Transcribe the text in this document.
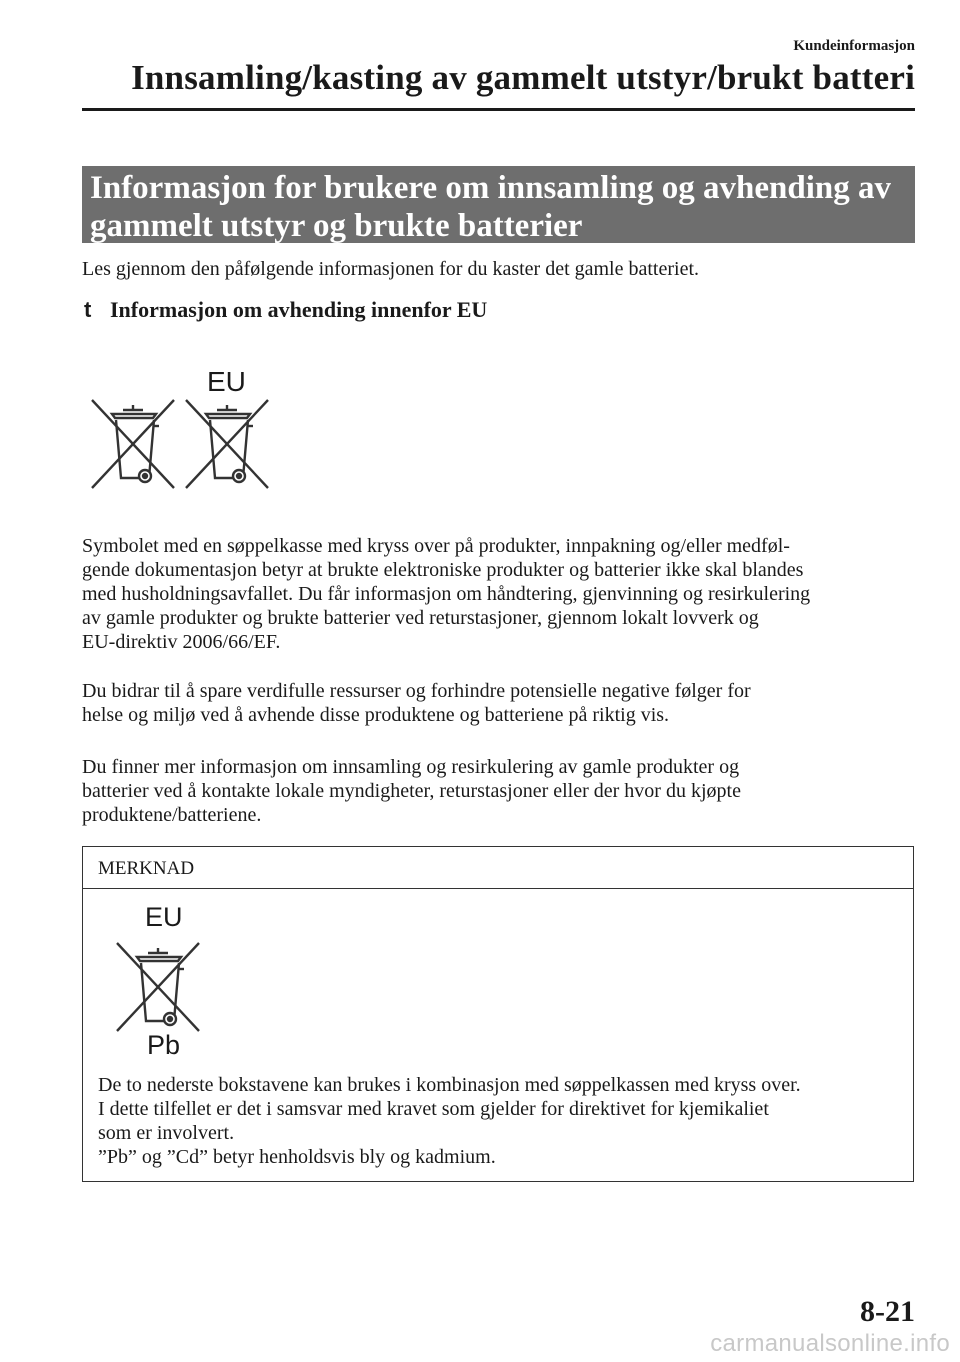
Kundeinformasjon
Innsamling/kasting av gammelt utstyr/brukt batteri
Informasjon for brukere om innsamling og avhending av
gammelt utstyr og brukte batterier
Les gjennom den påfølgende informasjonen for du kaster det gamle batteriet.
t Informasjon om avhending innenfor EU
EU
Symbolet med en søppelkasse med kryss over på produkter, innpakning og/eller medføl-
gende dokumentasjon betyr at brukte elektroniske produkter og batterier ikke skal blandes
med husholdningsavfallet. Du får informasjon om håndtering, gjenvinning og resirkulering
av gamle produkter og brukte batterier ved returstasjoner, gjennom lokalt lovverk og
EU-direktiv 2006/66/EF.
Du bidrar til å spare verdifulle ressurser og forhindre potensielle negative følger for
helse og miljø ved å avhende disse produktene og batteriene på riktig vis.
Du finner mer informasjon om innsamling og resirkulering av gamle produkter og
batterier ved å kontakte lokale myndigheter, returstasjoner eller der hvor du kjøpte
produktene/batteriene.
MERKNAD
EU
Pb
De to nederste bokstavene kan brukes i kombinasjon med søppelkassen med kryss over.
I dette tilfellet er det i samsvar med kravet som gjelder for direktivet for kjemikaliet
som er involvert.
”Pb” og ”Cd” betyr henholdsvis bly og kadmium.
8-21
carmanualsonline.info
